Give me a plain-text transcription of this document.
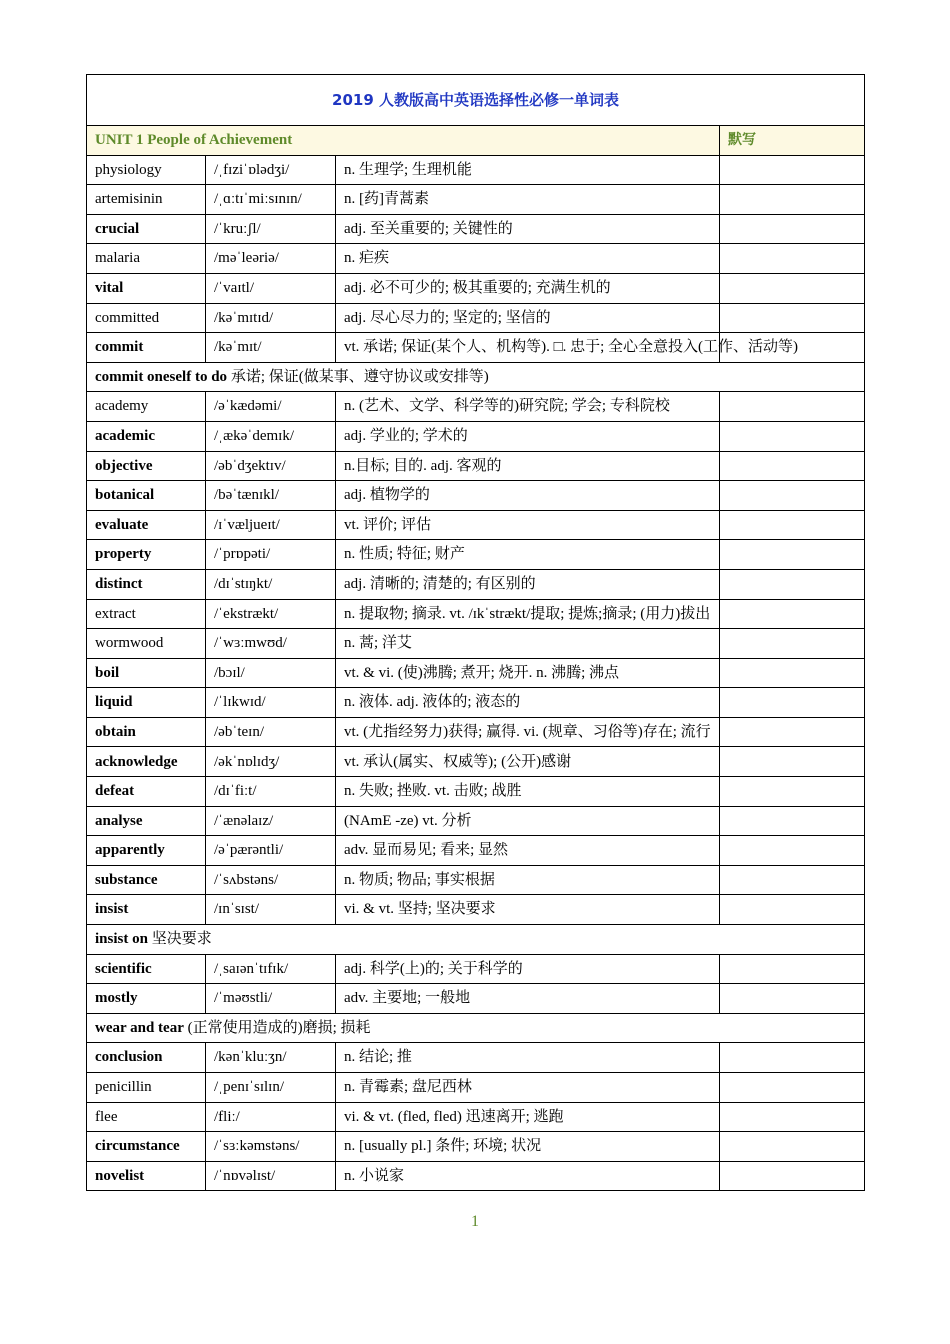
2019 人教版高中英语选择性必修一单词表			
UNIT 1 People of Achievement			默写
physiology	/ˌfɪziˈɒlədʒi/	n. 生理学; 生理机能	
artemisinin	/ˌɑːtɪˈmiːsɪnɪn/	n. [药]青蒿素	
crucial	/ˈkruːʃl/	adj. 至关重要的; 关键性的	
malaria	/məˈleəriə/	n. 疟疾	
vital	/ˈvaɪtl/	adj. 必不可少的; 极其重要的; 充满生机的	
committed	/kəˈmɪtɪd/	adj. 尽心尽力的; 坚定的; 坚信的	
commit	/kəˈmɪt/	vt. 承诺; 保证(某个人、机构等). □. 忠于; 全心全意投入(工作、活动等)	
commit oneself to do 承诺; 保证(做某事、遵守协议或安排等)			
academy	/əˈkædəmi/	n. (艺术、文学、科学等的)研究院; 学会; 专科院校	
academic	/ˌækəˈdemɪk/	adj. 学业的; 学术的	
objective	/əbˈdʒektɪv/	n.目标; 目的. adj. 客观的	
botanical	/bəˈtænɪkl/	adj. 植物学的	
evaluate	/ɪˈvæljueɪt/	vt. 评价; 评估	
property	/ˈprɒpəti/	n. 性质; 特征; 财产	
distinct	/dɪˈstɪŋkt/	adj. 清晰的; 清楚的; 有区别的	
extract	/ˈekstrækt/	n. 提取物; 摘录. vt. /ɪkˈstrækt/提取; 提炼;摘录; (用力)拔出	
wormwood	/ˈwɜːmwʊd/	n. 蒿; 洋艾	
boil	/bɔɪl/	vt. & vi. (使)沸腾; 煮开; 烧开. n. 沸腾; 沸点	
liquid	/ˈlɪkwɪd/	n. 液体. adj. 液体的; 液态的	
obtain	/əbˈteɪn/	vt. (尤指经努力)获得; 赢得. vi. (规章、习俗等)存在; 流行	
acknowledge	/əkˈnɒlɪdʒ/	vt. 承认(属实、权威等); (公开)感谢	
defeat	/dɪˈfiːt/	n. 失败; 挫败. vt. 击败; 战胜	
analyse	/ˈænəlaɪz/	(NAmE -ze) vt. 分析	
apparently	/əˈpærəntli/	adv. 显而易见; 看来; 显然	
substance	/ˈsʌbstəns/	n. 物质; 物品; 事实根据	
insist	/ɪnˈsɪst/	vi. & vt. 坚持; 坚决要求	
insist on 坚决要求			
scientific	/ˌsaɪənˈtɪfɪk/	adj. 科学(上)的; 关于科学的	
mostly	/ˈməʊstli/	adv. 主要地; 一般地	
wear and tear (正常使用造成的)磨损; 损耗			
conclusion	/kənˈkluːʒn/	n. 结论; 推	
penicillin	/ˌpenɪˈsɪlɪn/	n. 青霉素; 盘尼西林	
flee	/fliː/	vi. & vt. (fled, fled) 迅速离开; 逃跑	
circumstance	/ˈsɜːkəmstəns/	n. [usually pl.] 条件; 环境; 状况	
novelist	/ˈnɒvəlɪst/	n. 小说家	
1
